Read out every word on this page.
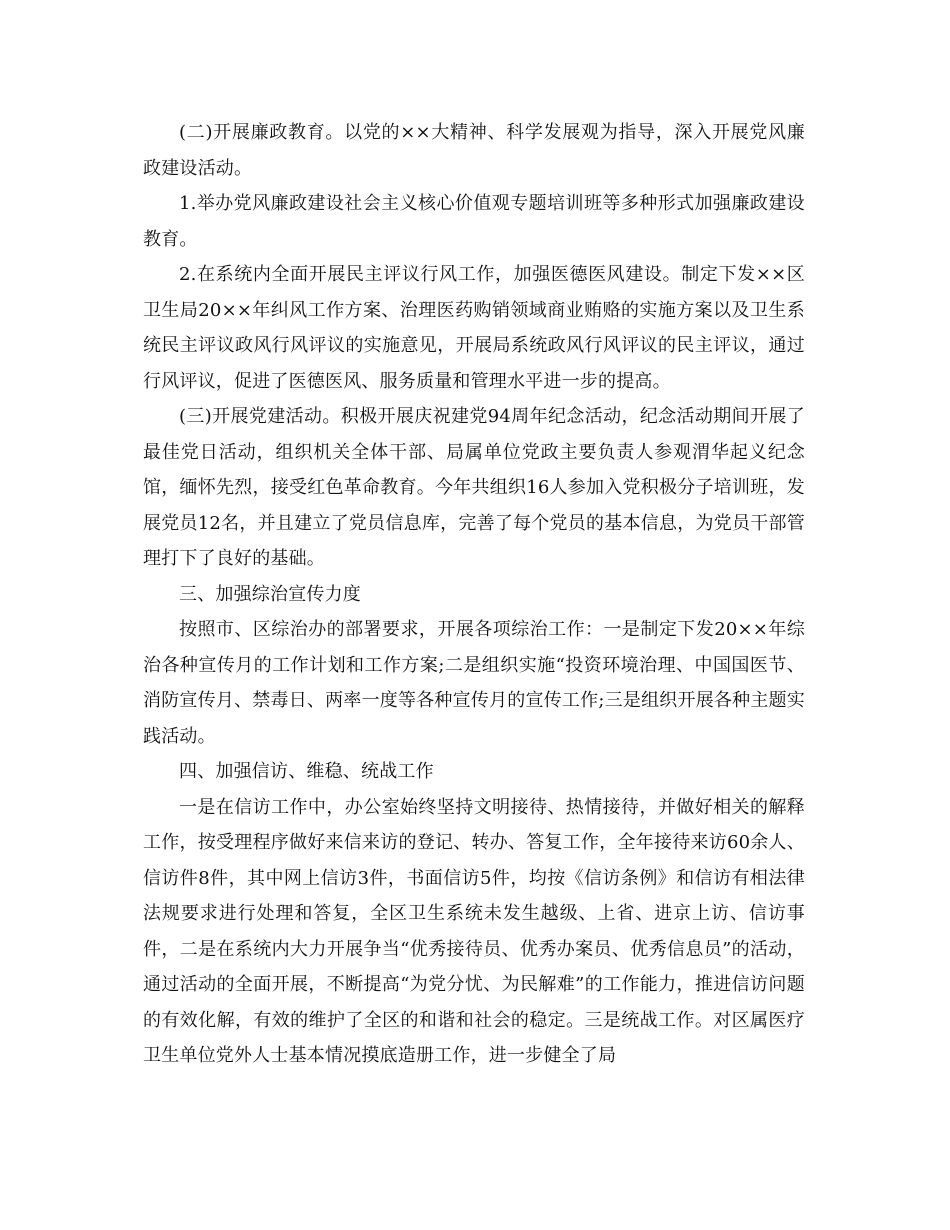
(二)开展廉政教育。以党的××大精神、科学发展观为指导，深入开展党风廉政建设活动。

1.举办党风廉政建设社会主义核心价值观专题培训班等多种形式加强廉政建设教育。

2.在系统内全面开展民主评议行风工作，加强医德医风建设。制定下发××区卫生局20××年纠风工作方案、治理医药购销领域商业贿赂的实施方案以及卫生系统民主评议政风行风评议的实施意见，开展局系统政风行风评议的民主评议，通过行风评议，促进了医德医风、服务质量和管理水平进一步的提高。

(三)开展党建活动。积极开展庆祝建党94周年纪念活动，纪念活动期间开展了最佳党日活动，组织机关全体干部、局属单位党政主要负责人参观渭华起义纪念馆，缅怀先烈，接受红色革命教育。今年共组织16人参加入党积极分子培训班，发展党员12名，并且建立了党员信息库，完善了每个党员的基本信息，为党员干部管理打下了良好的基础。

三、加强综治宣传力度

按照市、区综治办的部署要求，开展各项综治工作：一是制定下发20××年综治各种宣传月的工作计划和工作方案;二是组织实施“投资环境治理、中国国医节、消防宣传月、禁毒日、两率一度等各种宣传月的宣传工作;三是组织开展各种主题实践活动。

四、加强信访、维稳、统战工作

一是在信访工作中，办公室始终坚持文明接待、热情接待，并做好相关的解释工作，按受理程序做好来信来访的登记、转办、答复工作，全年接待来访60余人、信访件8件，其中网上信访3件，书面信访5件，均按《信访条例》和信访有相法律法规要求进行处理和答复，全区卫生系统未发生越级、上省、进京上访、信访事件，二是在系统内大力开展争当“优秀接待员、优秀办案员、优秀信息员”的活动，通过活动的全面开展，不断提高“为党分忧、为民解难”的工作能力，推进信访问题的有效化解，有效的维护了全区的和谐和社会的稳定。三是统战工作。对区属医疗卫生单位党外人士基本情况摸底造册工作，进一步健全了局
